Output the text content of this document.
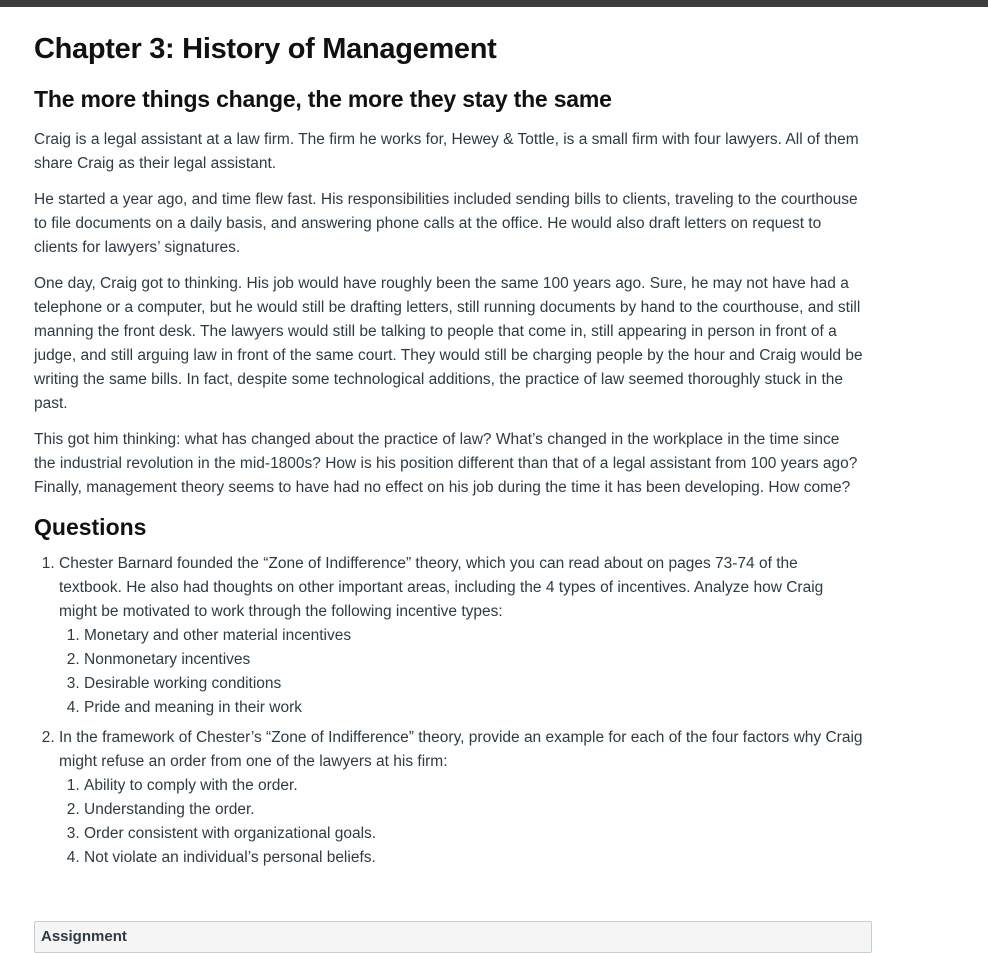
Chapter 3: History of Management
The more things change, the more they stay the same

Craig is a legal assistant at a law firm. The firm he works for, Hewey & Tottle, is a small firm with four lawyers. All of them share Craig as their legal assistant.

He started a year ago, and time flew fast. His responsibilities included sending bills to clients, traveling to the courthouse to file documents on a daily basis, and answering phone calls at the office. He would also draft letters on request to clients for lawyers’ signatures.

One day, Craig got to thinking. His job would have roughly been the same 100 years ago. Sure, he may not have had a telephone or a computer, but he would still be drafting letters, still running documents by hand to the courthouse, and still manning the front desk. The lawyers would still be talking to people that come in, still appearing in person in front of a judge, and still arguing law in front of the same court. They would still be charging people by the hour and Craig would be writing the same bills. In fact, despite some technological additions, the practice of law seemed thoroughly stuck in the past.

This got him thinking: what has changed about the practice of law? What’s changed in the workplace in the time since the industrial revolution in the mid-1800s? How is his position different than that of a legal assistant from 100 years ago? Finally, management theory seems to have had no effect on his job during the time it has been developing. How come?

Questions
1. Chester Barnard founded the “Zone of Indifference” theory, which you can read about on pages 73-74 of the textbook. He also had thoughts on other important areas, including the 4 types of incentives. Analyze how Craig might be motivated to work through the following incentive types:
1. Monetary and other material incentives
2. Nonmonetary incentives
3. Desirable working conditions
4. Pride and meaning in their work
2. In the framework of Chester’s “Zone of Indifference” theory, provide an example for each of the four factors why Craig might refuse an order from one of the lawyers at his firm:
1. Ability to comply with the order.
2. Understanding the order.
3. Order consistent with organizational goals.
4. Not violate an individual’s personal beliefs.
Assignment
